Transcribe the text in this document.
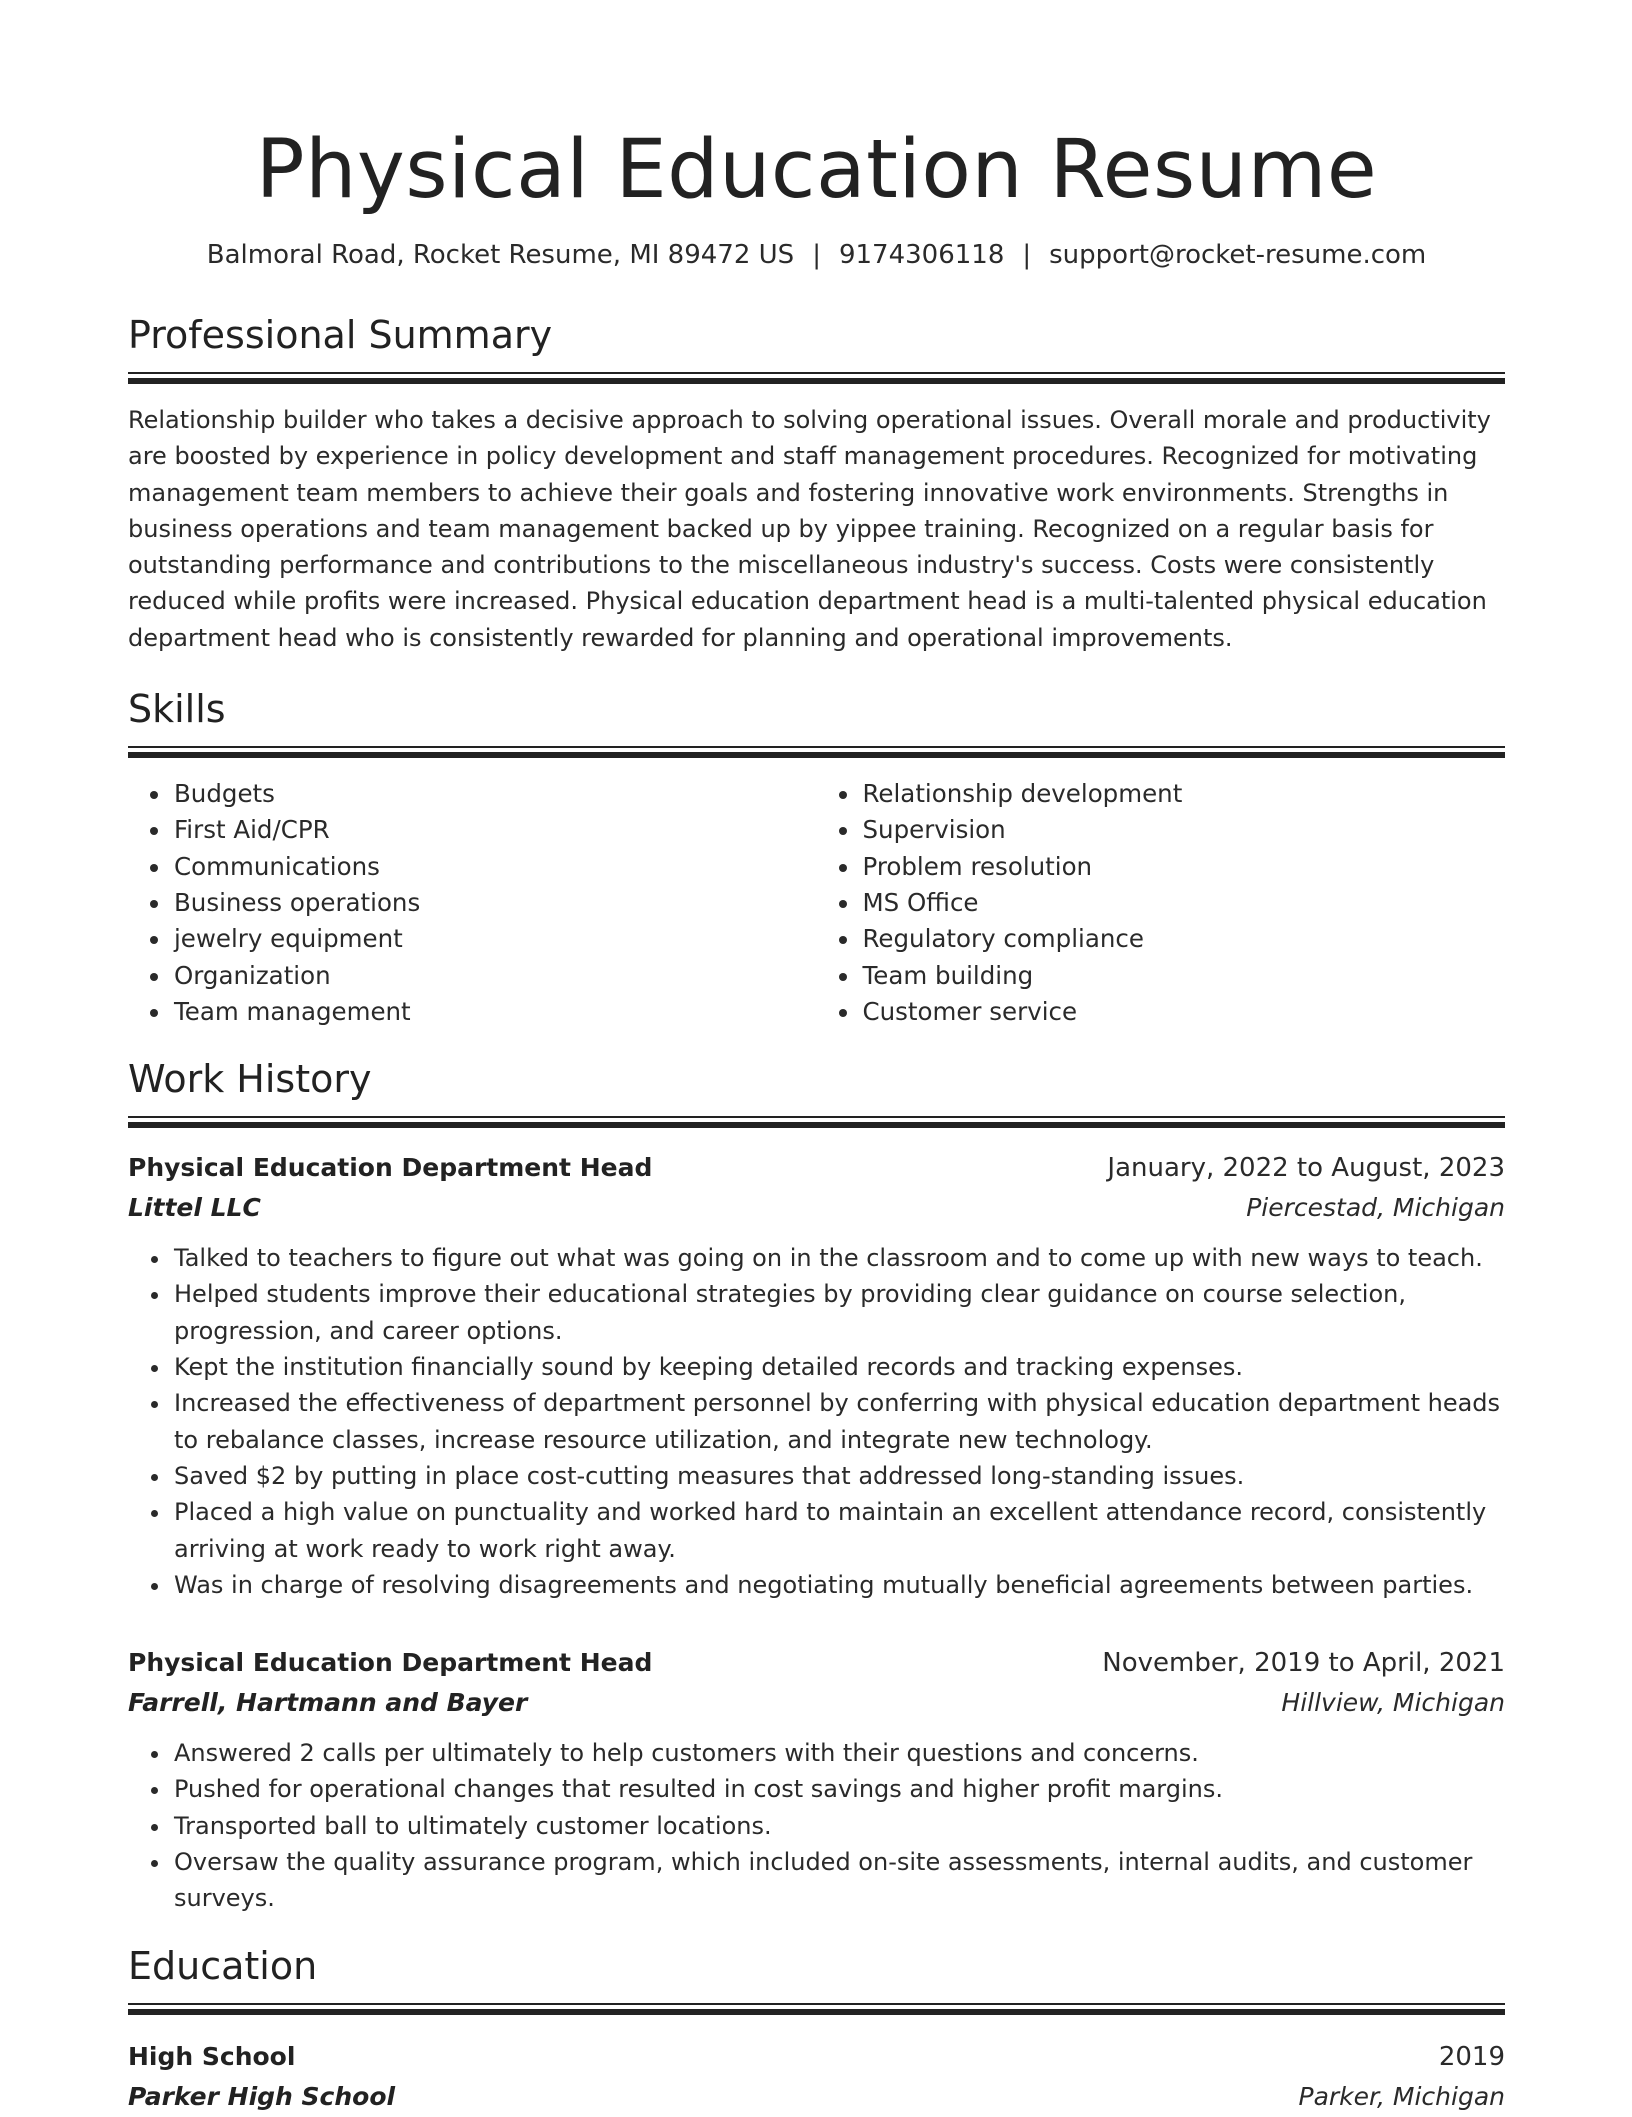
Physical Education Resume
Balmoral Road, Rocket Resume, MI 89472 US | 9174306118 | support@rocket-resume.com
Professional Summary

Relationship builder who takes a decisive approach to solving operational issues. Overall morale and productivity are boosted by experience in policy development and staff management procedures. Recognized for motivating management team members to achieve their goals and fostering innovative work environments. Strengths in business operations and team management backed up by yippee training. Recognized on a regular basis for outstanding performance and contributions to the miscellaneous industry's success. Costs were consistently reduced while profits were increased. Physical education department head is a multi-talented physical education department head who is consistently rewarded for planning and operational improvements.

Skills
• Budgets
• First Aid/CPR
• Communications
• Business operations
• jewelry equipment
• Organization
• Team management
• Relationship development
• Supervision
• Problem resolution
• MS Office
• Regulatory compliance
• Team building
• Customer service
Work History
Physical Education Department Head	January, 2022 to August, 2023
Littel LLC	Piercestad, Michigan
• Talked to teachers to figure out what was going on in the classroom and to come up with new ways to teach.
• Helped students improve their educational strategies by providing clear guidance on course selection, progression, and career options.
• Kept the institution financially sound by keeping detailed records and tracking expenses.
• Increased the effectiveness of department personnel by conferring with physical education department heads to rebalance classes, increase resource utilization, and integrate new technology.
• Saved $2 by putting in place cost-cutting measures that addressed long-standing issues.
• Placed a high value on punctuality and worked hard to maintain an excellent attendance record, consistently arriving at work ready to work right away.
• Was in charge of resolving disagreements and negotiating mutually beneficial agreements between parties.
Physical Education Department Head	November, 2019 to April, 2021
Farrell, Hartmann and Bayer	Hillview, Michigan
• Answered 2 calls per ultimately to help customers with their questions and concerns.
• Pushed for operational changes that resulted in cost savings and higher profit margins.
• Transported ball to ultimately customer locations.
• Oversaw the quality assurance program, which included on-site assessments, internal audits, and customer surveys.
Education
High School	2019
Parker High School	Parker, Michigan
